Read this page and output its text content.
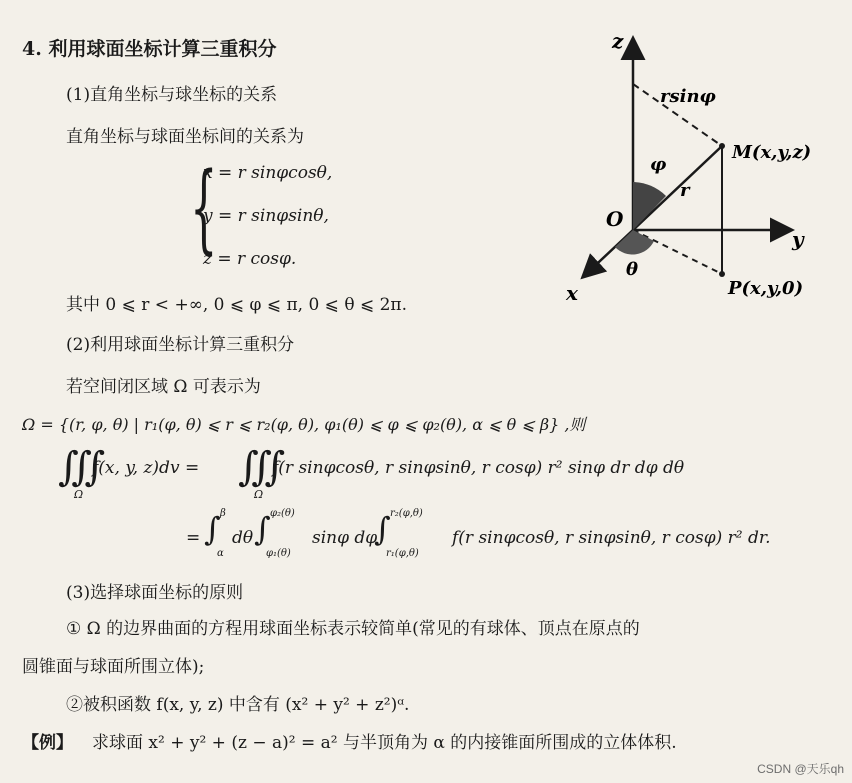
4. 利用球面坐标计算三重积分
(1)直角坐标与球坐标的关系
直角坐标与球面坐标间的关系为
{
x = r sinφcosθ,
y = r sinφsinθ,
z = r cosφ.
其中 0 ⩽ r < +∞, 0 ⩽ φ ⩽ π, 0 ⩽ θ ⩽ 2π.
(2)利用球面坐标计算三重积分
若空间闭区域 Ω 可表示为
Ω = {(r, φ, θ) | r₁(φ, θ) ⩽ r ⩽ r₂(φ, θ), φ₁(θ) ⩽ φ ⩽ φ₂(θ), α ⩽ θ ⩽ β} ,则
∭
Ω
f(x, y, z)dv = ∭
Ω
f(r sinφcosθ, r sinφsinθ, r cosφ) r² sinφ dr dφ dθ
= ∫ β
α
dθ ∫ φ₂(θ)
φ₁(θ)
sinφ dφ
∫ r₂(φ,θ)
r₁(φ,θ)
f(r sinφcosθ, r sinφsinθ, r cosφ) r² dr.
(3)选择球面坐标的原则
① Ω 的边界曲面的方程用球面坐标表示较简单(常见的有球体、顶点在原点的
圆锥面与球面所围立体);
②被积函数 f(x, y, z) 中含有 (x² + y² + z²)ᵅ.
【例】 求球面 x² + y² + (z − a)² = a² 与半顶角为 α 的内接锥面所围成的立体体积.
z
y
x
O
rsinφ
M(x,y,z)
P(x,y,0)
φ
θ
r
CSDN @天乐qh
